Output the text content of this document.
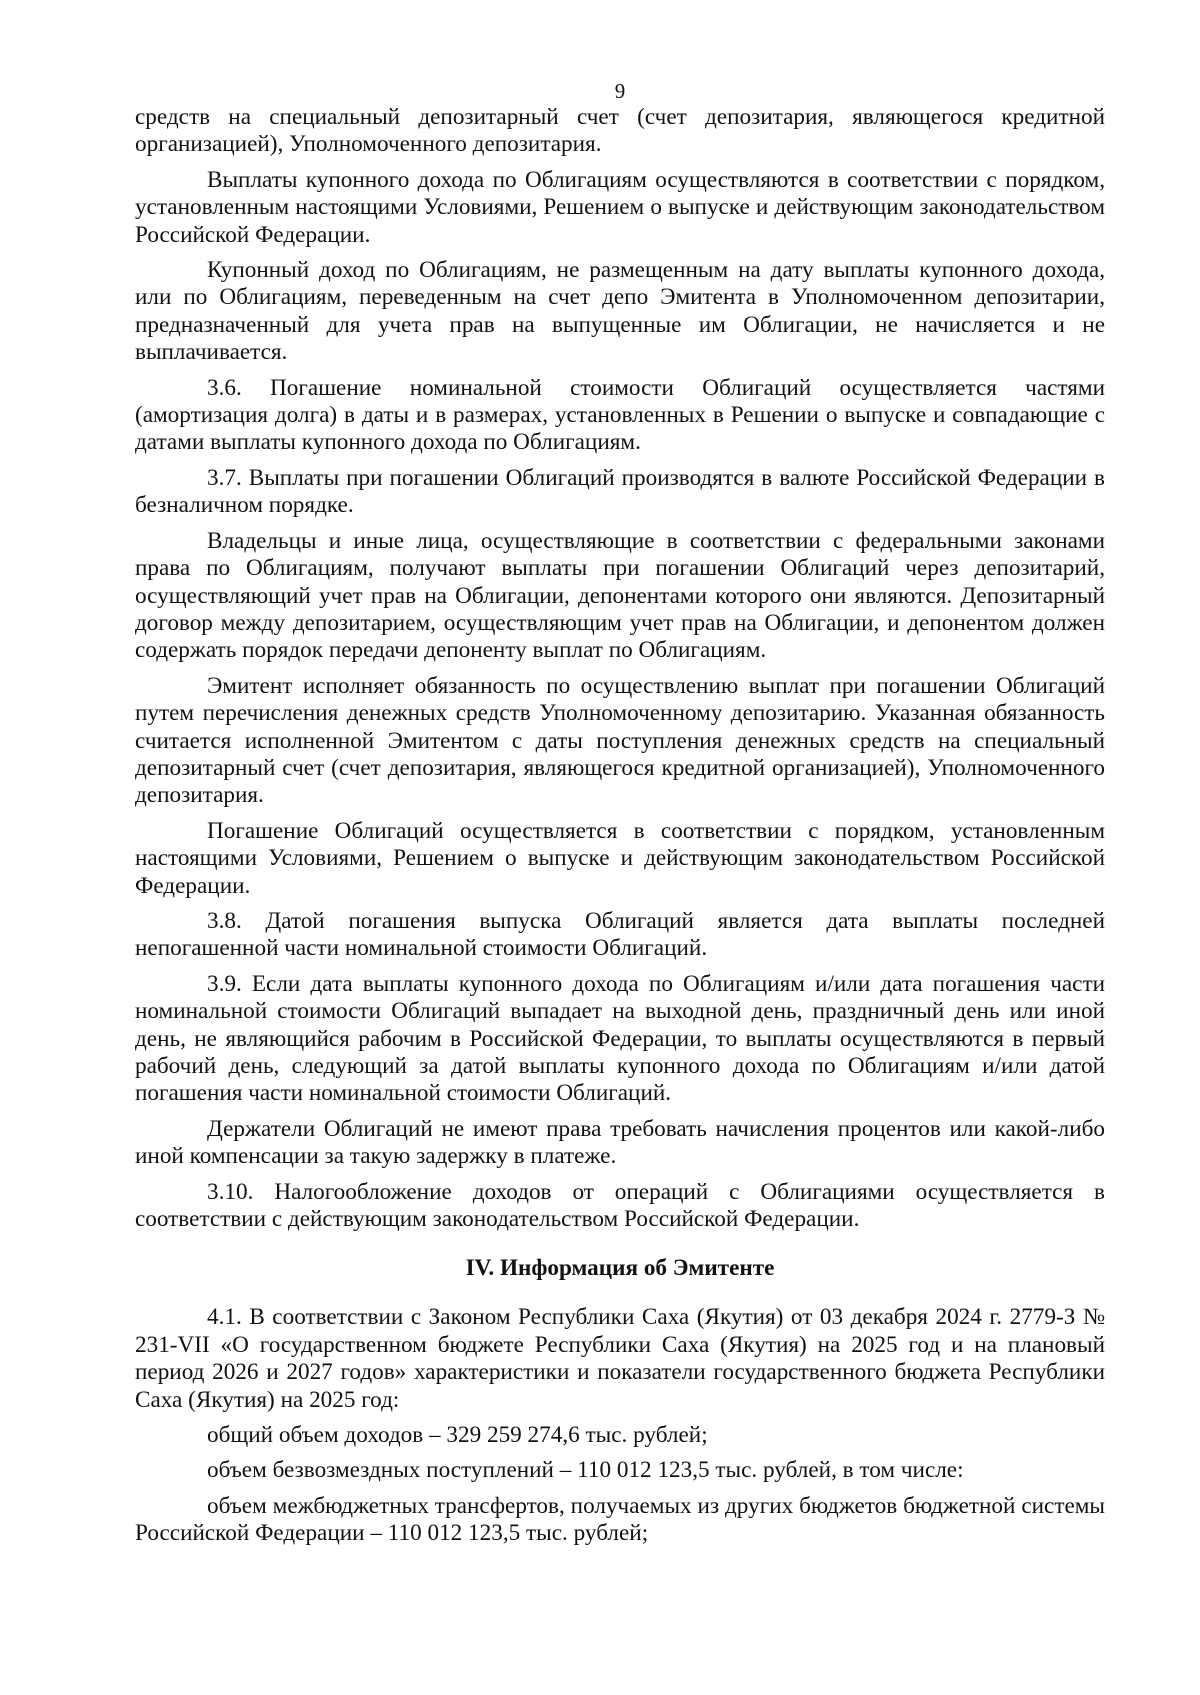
9

средств на специальный депозитарный счет (счет депозитария, являющегося кредитной организацией), Уполномоченного депозитария.

Выплаты купонного дохода по Облигациям осуществляются в соответствии с порядком, установленным настоящими Условиями, Решением о выпуске и действующим законодательством Российской Федерации.

Купонный доход по Облигациям, не размещенным на дату выплаты купонного дохода, или по Облигациям, переведенным на счет депо Эмитента в Уполномоченном депозитарии, предназначенный для учета прав на выпущенные им Облигации, не начисляется и не выплачивается.

3.6. Погашение номинальной стоимости Облигаций осуществляется частями (амортизация долга) в даты и в размерах, установленных в Решении о выпуске и совпадающие с датами выплаты купонного дохода по Облигациям.

3.7. Выплаты при погашении Облигаций производятся в валюте Российской Федерации в безналичном порядке.

Владельцы и иные лица, осуществляющие в соответствии с федеральными законами права по Облигациям, получают выплаты при погашении Облигаций через депозитарий, осуществляющий учет прав на Облигации, депонентами которого они являются. Депозитарный договор между депозитарием, осуществляющим учет прав на Облигации, и депонентом должен содержать порядок передачи депоненту выплат по Облигациям.

Эмитент исполняет обязанность по осуществлению выплат при погашении Облигаций путем перечисления денежных средств Уполномоченному депозитарию. Указанная обязанность считается исполненной Эмитентом с даты поступления денежных средств на специальный депозитарный счет (счет депозитария, являющегося кредитной организацией), Уполномоченного депозитария.

Погашение Облигаций осуществляется в соответствии с порядком, установленным настоящими Условиями, Решением о выпуске и действующим законодательством Российской Федерации.

3.8. Датой погашения выпуска Облигаций является дата выплаты последней непогашенной части номинальной стоимости Облигаций.

3.9. Если дата выплаты купонного дохода по Облигациям и/или дата погашения части номинальной стоимости Облигаций выпадает на выходной день, праздничный день или иной день, не являющийся рабочим в Российской Федерации, то выплаты осуществляются в первый рабочий день, следующий за датой выплаты купонного дохода по Облигациям и/или датой погашения части номинальной стоимости Облигаций.

Держатели Облигаций не имеют права требовать начисления процентов или какой-либо иной компенсации за такую задержку в платеже.

3.10. Налогообложение доходов от операций с Облигациями осуществляется в соответствии с действующим законодательством Российской Федерации.

IV. Информация об Эмитенте

4.1. В соответствии с Законом Республики Саха (Якутия) от 03 декабря 2024 г. 2779-З № 231-VII «О государственном бюджете Республики Саха (Якутия) на 2025 год и на плановый период 2026 и 2027 годов» характеристики и показатели государственного бюджета Республики Саха (Якутия) на 2025 год:

общий объем доходов – 329 259 274,6 тыс. рублей;

объем безвозмездных поступлений – 110 012 123,5 тыс. рублей, в том числе:

объем межбюджетных трансфертов, получаемых из других бюджетов бюджетной системы Российской Федерации – 110 012 123,5 тыс. рублей;
